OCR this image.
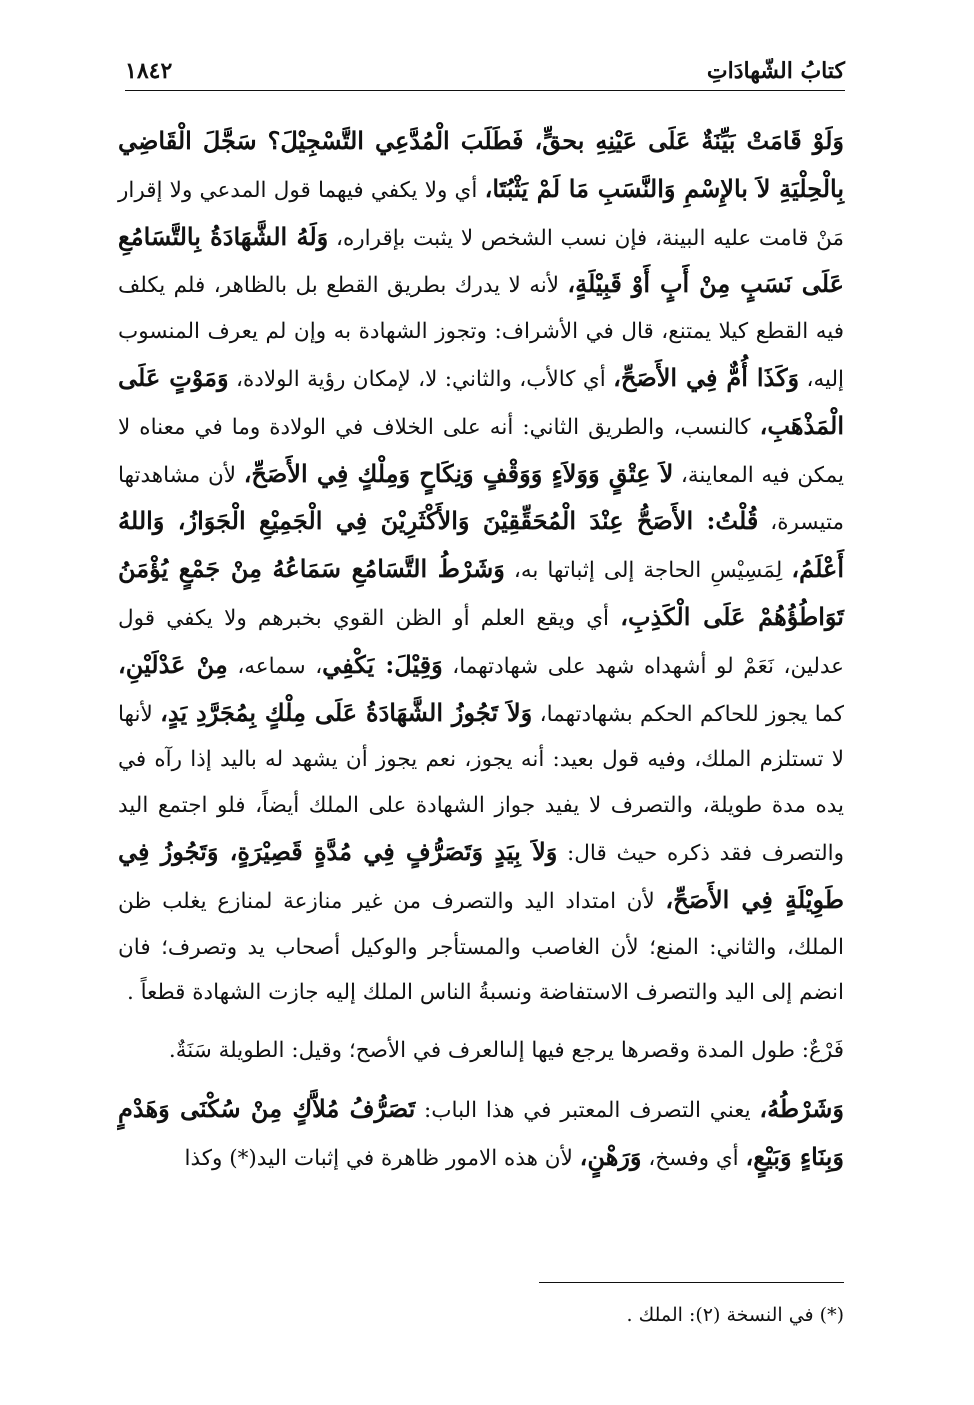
كتابُ الشّهادَاتِ
١٨٤٢

وَلَوْ قَامَتْ بَيِّنَةٌ عَلَى عَيْنِهِ بحقٍّ، فَطَلَبَ الْمُدَّعِي التَّسْجِيْلَ؟ سَجَّلَ الْقَاضِي بِالْحِلْيَةِ لاَ بالإِسْمِ وَالنَّسَبِ مَا لَمْ يَثْبُتَا، أي ولا يكفي فيهما قول المدعي ولا إقرار مَنْ قامت عليه البينة، فإن نسب الشخص لا يثبت بإقراره، وَلَهُ الشَّهَادَةُ بِالتَّسَامُعِ عَلَى نَسَبٍ مِنْ أَبٍ أَوْ قَبِيْلَةٍ، لأنه لا يدرك بطريق القطع بل بالظاهر، فلم يكلف فيه القطع كيلا يمتنع، قال في الأشراف: وتجوز الشهادة به وإن لم يعرف المنسوب إليه، وَكَذَا أُمٌّ فِي الأَصَحِّ، أي كالأب، والثاني: لا، لإمكان رؤية الولادة، وَمَوْتٍ عَلَى الْمَذْهَبِ، كالنسب، والطريق الثاني: أنه على الخلاف في الولادة وما في معناه لا يمكن فيه المعاينة، لاَ عِتْقٍ وَوَلاَءٍ وَوَقْفٍ وَنِكَاحٍ وَمِلْكٍ فِي الأَصَحِّ، لأن مشاهدتها متيسرة، قُلْتُ: الأَصَحُّ عِنْدَ الْمُحَقِّقِيْنَ وَالأَكْثَرِيْنَ فِي الْجَمِيْعِ الْجَوَازُ، وَاللهُ أَعْلَمُ، لِمَسِيْسِ الحاجة إلى إثباتها به، وَشَرْطُ التَّسَامُعِ سَمَاعُهُ مِنْ جَمْعٍ يُؤْمَنُ تَوَاطُؤُهُمْ عَلَى الْكَذِبِ، أي ويقع العلم أو الظن القوي بخبرهم ولا يكفي قول عدلين، نَعَمْ لو أشهداه شهد على شهادتهما، وَقِيْلَ: يَكْفِي، سماعه، مِنْ عَدْلَيْنِ، كما يجوز للحاكم الحكم بشهادتهما، وَلاَ تَجُوزُ الشَّهَادَةُ عَلَى مِلْكٍ بِمُجَرَّدِ يَدٍ، لأنها لا تستلزم الملك، وفيه قول بعيد: أنه يجوز، نعم يجوز أن يشهد له باليد إذا رآه في يده مدة طويلة، والتصرف لا يفيد جواز الشهادة على الملك أيضاً، فلو اجتمع اليد والتصرف فقد ذكره حيث قال: وَلاَ بِيَدٍ وَتَصَرُّفٍ فِي مُدَّةٍ قَصِيْرَةٍ، وَتَجُوزُ فِي طَوِيْلَةٍ فِي الأَصَحِّ، لأن امتداد اليد والتصرف من غير منازعة لمنازع يغلب ظن الملك، والثاني: المنع؛ لأن الغاصب والمستأجر والوكيل أصحاب يد وتصرف؛ فان انضم إلى اليد والتصرف الاستفاضة ونسبةُ الناس الملك إليه جازت الشهادة قطعاً .

فَرْعٌ: طول المدة وقصرها يرجع فيها إلىالعرف في الأصح؛ وقيل: الطويلة سَنَةٌ.

وَشَرْطُهُ، يعني التصرف المعتبر في هذا الباب: تَصَرُّفُ مُلاَّكٍ مِنْ سُكْنَى وَهَدْمٍ وَبِنَاءٍ وَبَيْعٍ، أي وفسخ، وَرَهْنٍ، لأن هذه الامور ظاهرة في إثبات اليد(*) وكذا

(*) في النسخة (٢): الملك .
